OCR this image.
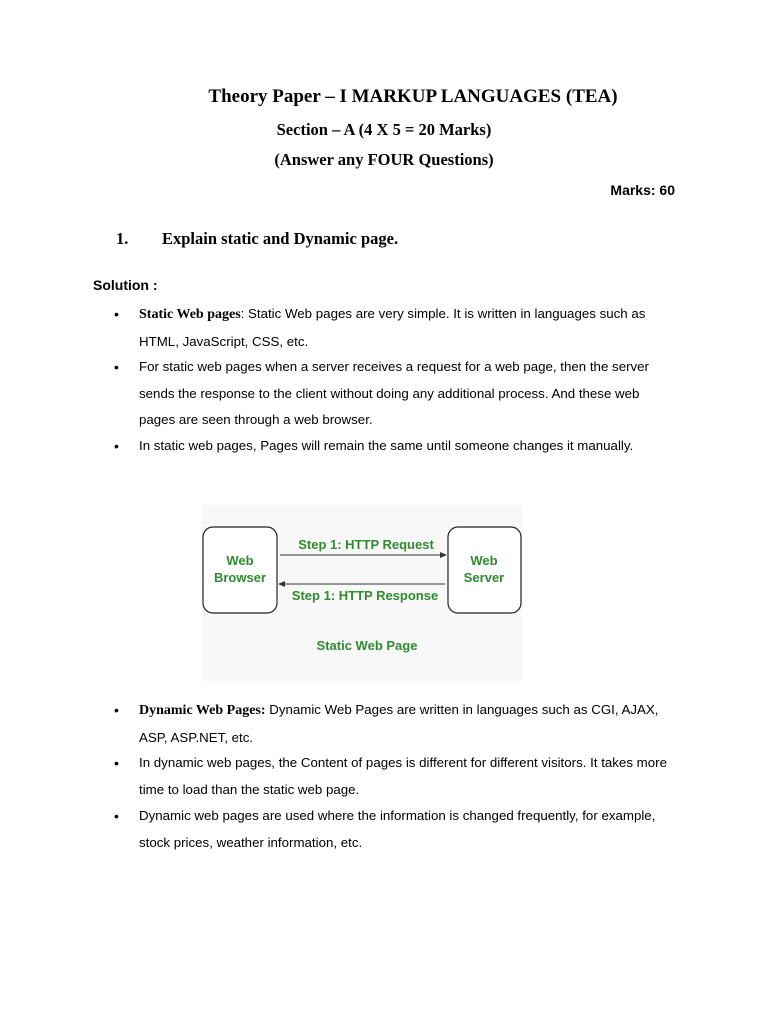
Theory Paper – I MARKUP LANGUAGES (TEA)
Section – A (4 X 5 = 20 Marks)
(Answer any FOUR Questions)
Marks: 60
1. Explain static and Dynamic page.
Solution :
• Static Web pages: Static Web pages are very simple. It is written in languages such as HTML, JavaScript, CSS, etc.
• For static web pages when a server receives a request for a web page, then the server sends the response to the client without doing any additional process. And these web pages are seen through a web browser.
• In static web pages, Pages will remain the same until someone changes it manually.
Web
Browser
Web
Server
Step 1: HTTP Request
Step 1: HTTP Response
Static Web Page
• Dynamic Web Pages: Dynamic Web Pages are written in languages such as CGI, AJAX, ASP, ASP.NET, etc.
• In dynamic web pages, the Content of pages is different for different visitors. It takes more time to load than the static web page.
• Dynamic web pages are used where the information is changed frequently, for example, stock prices, weather information, etc.
